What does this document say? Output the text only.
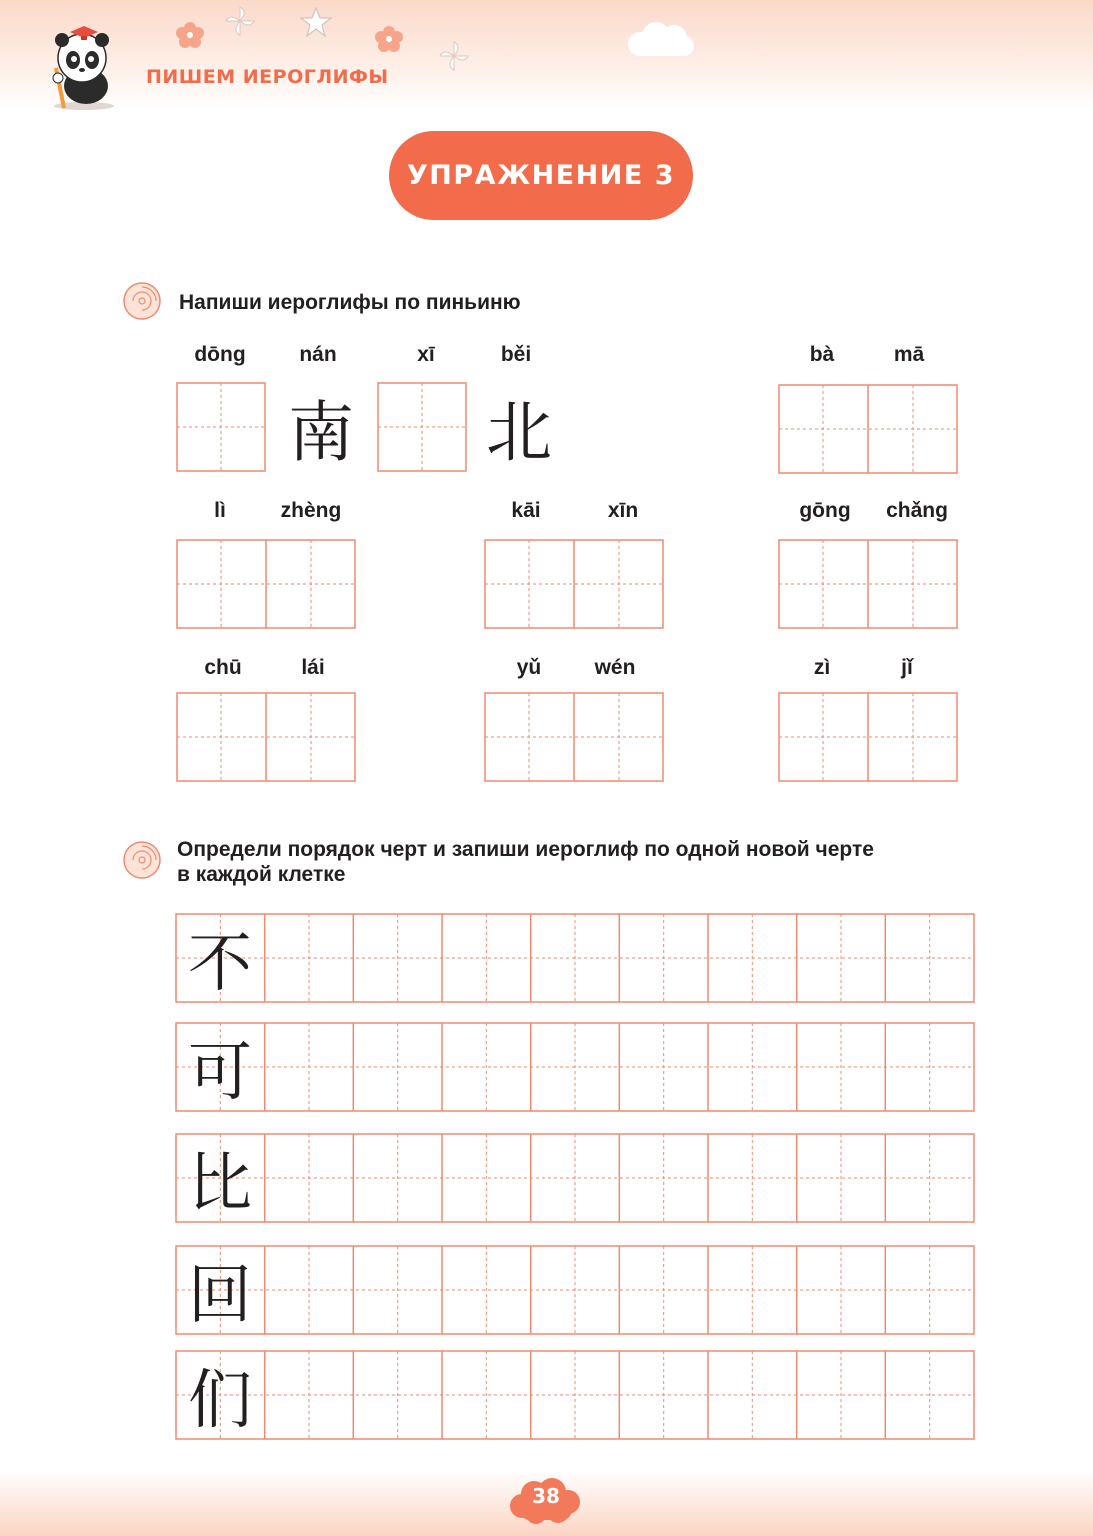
ПИШЕМ ИЕРОГЛИФЫ
УПРАЖНЕНИЕ 3
Напиши иероглифы по пиньиню
dōng	nán	xī	běi	bà	mā
lì	zhèng	kāi	xīn	gōng	chǎng
chū	lái	yǔ	wén	zì	jǐ
南 北
Определи порядок черт и запиши иероглиф по одной новой черте
в каждой клетке
不
可
比
回
们
38
